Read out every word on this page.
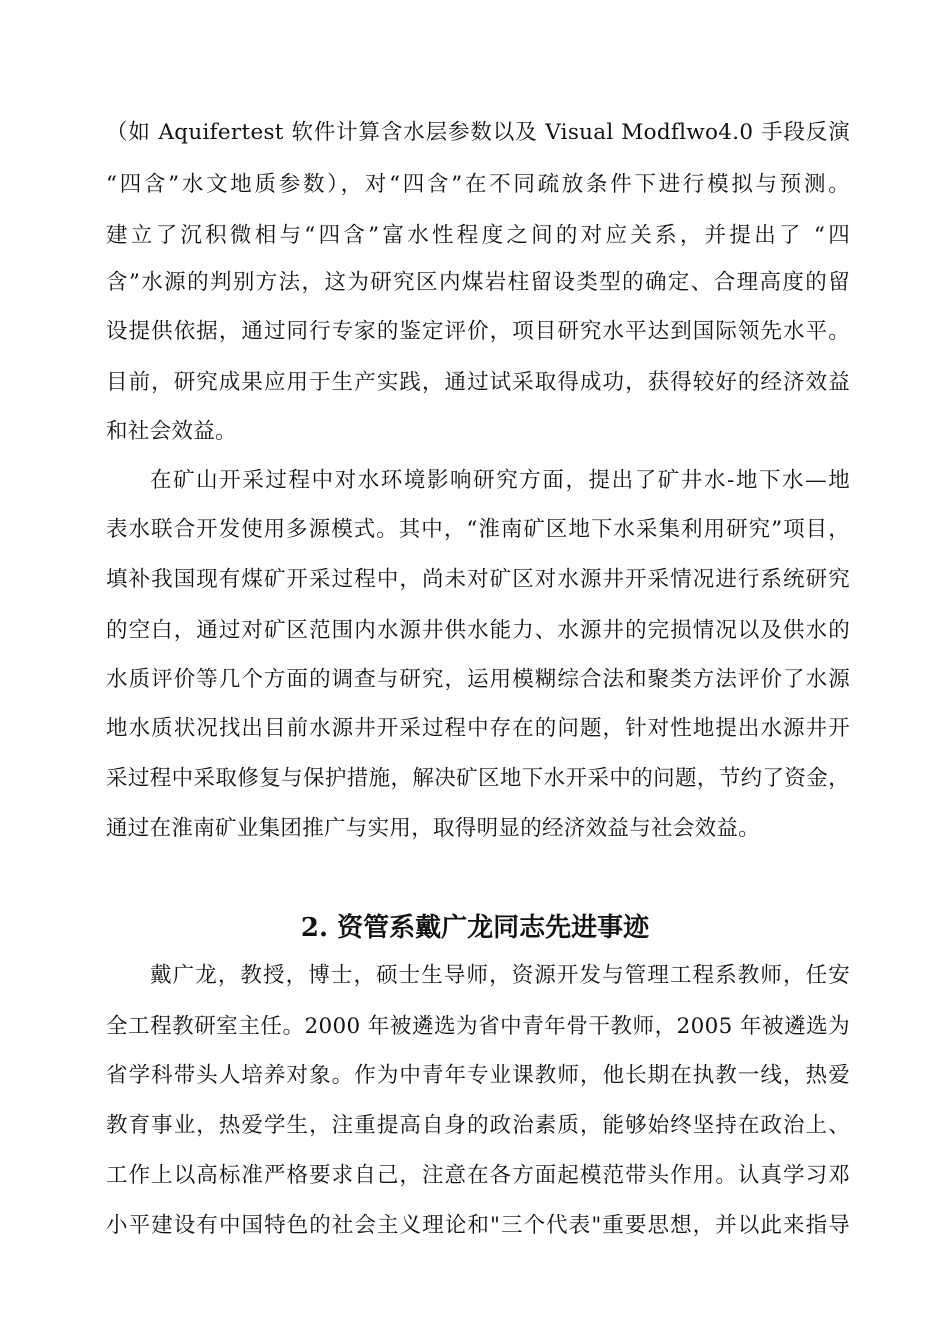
（如 Aquifertest 软件计算含水层参数以及 Visual Modflwo4.0 手段反演
“四含”水文地质参数），对“四含”在不同疏放条件下进行模拟与预测。
建立了沉积微相与“四含”富水性程度之间的对应关系，并提出了 “四
含”水源的判别方法，这为研究区内煤岩柱留设类型的确定、合理高度的留
设提供依据，通过同行专家的鉴定评价，项目研究水平达到国际领先水平。
目前，研究成果应用于生产实践，通过试采取得成功，获得较好的经济效益
和社会效益。
在矿山开采过程中对水环境影响研究方面，提出了矿井水-地下水—地
表水联合开发使用多源模式。其中，“淮南矿区地下水采集利用研究”项目，
填补我国现有煤矿开采过程中，尚未对矿区对水源井开采情况进行系统研究
的空白，通过对矿区范围内水源井供水能力、水源井的完损情况以及供水的
水质评价等几个方面的调查与研究，运用模糊综合法和聚类方法评价了水源
地水质状况找出目前水源井开采过程中存在的问题，针对性地提出水源井开
采过程中采取修复与保护措施，解决矿区地下水开采中的问题，节约了资金，
通过在淮南矿业集团推广与实用，取得明显的经济效益与社会效益。
2. 资管系戴广龙同志先进事迹
戴广龙，教授，博士，硕士生导师，资源开发与管理工程系教师，任安
全工程教研室主任。2000 年被遴选为省中青年骨干教师，2005 年被遴选为
省学科带头人培养对象。作为中青年专业课教师，他长期在执教一线，热爱
教育事业，热爱学生，注重提高自身的政治素质，能够始终坚持在政治上、
工作上以高标准严格要求自己，注意在各方面起模范带头作用。认真学习邓
小平建设有中国特色的社会主义理论和"三个代表"重要思想，并以此来指导
